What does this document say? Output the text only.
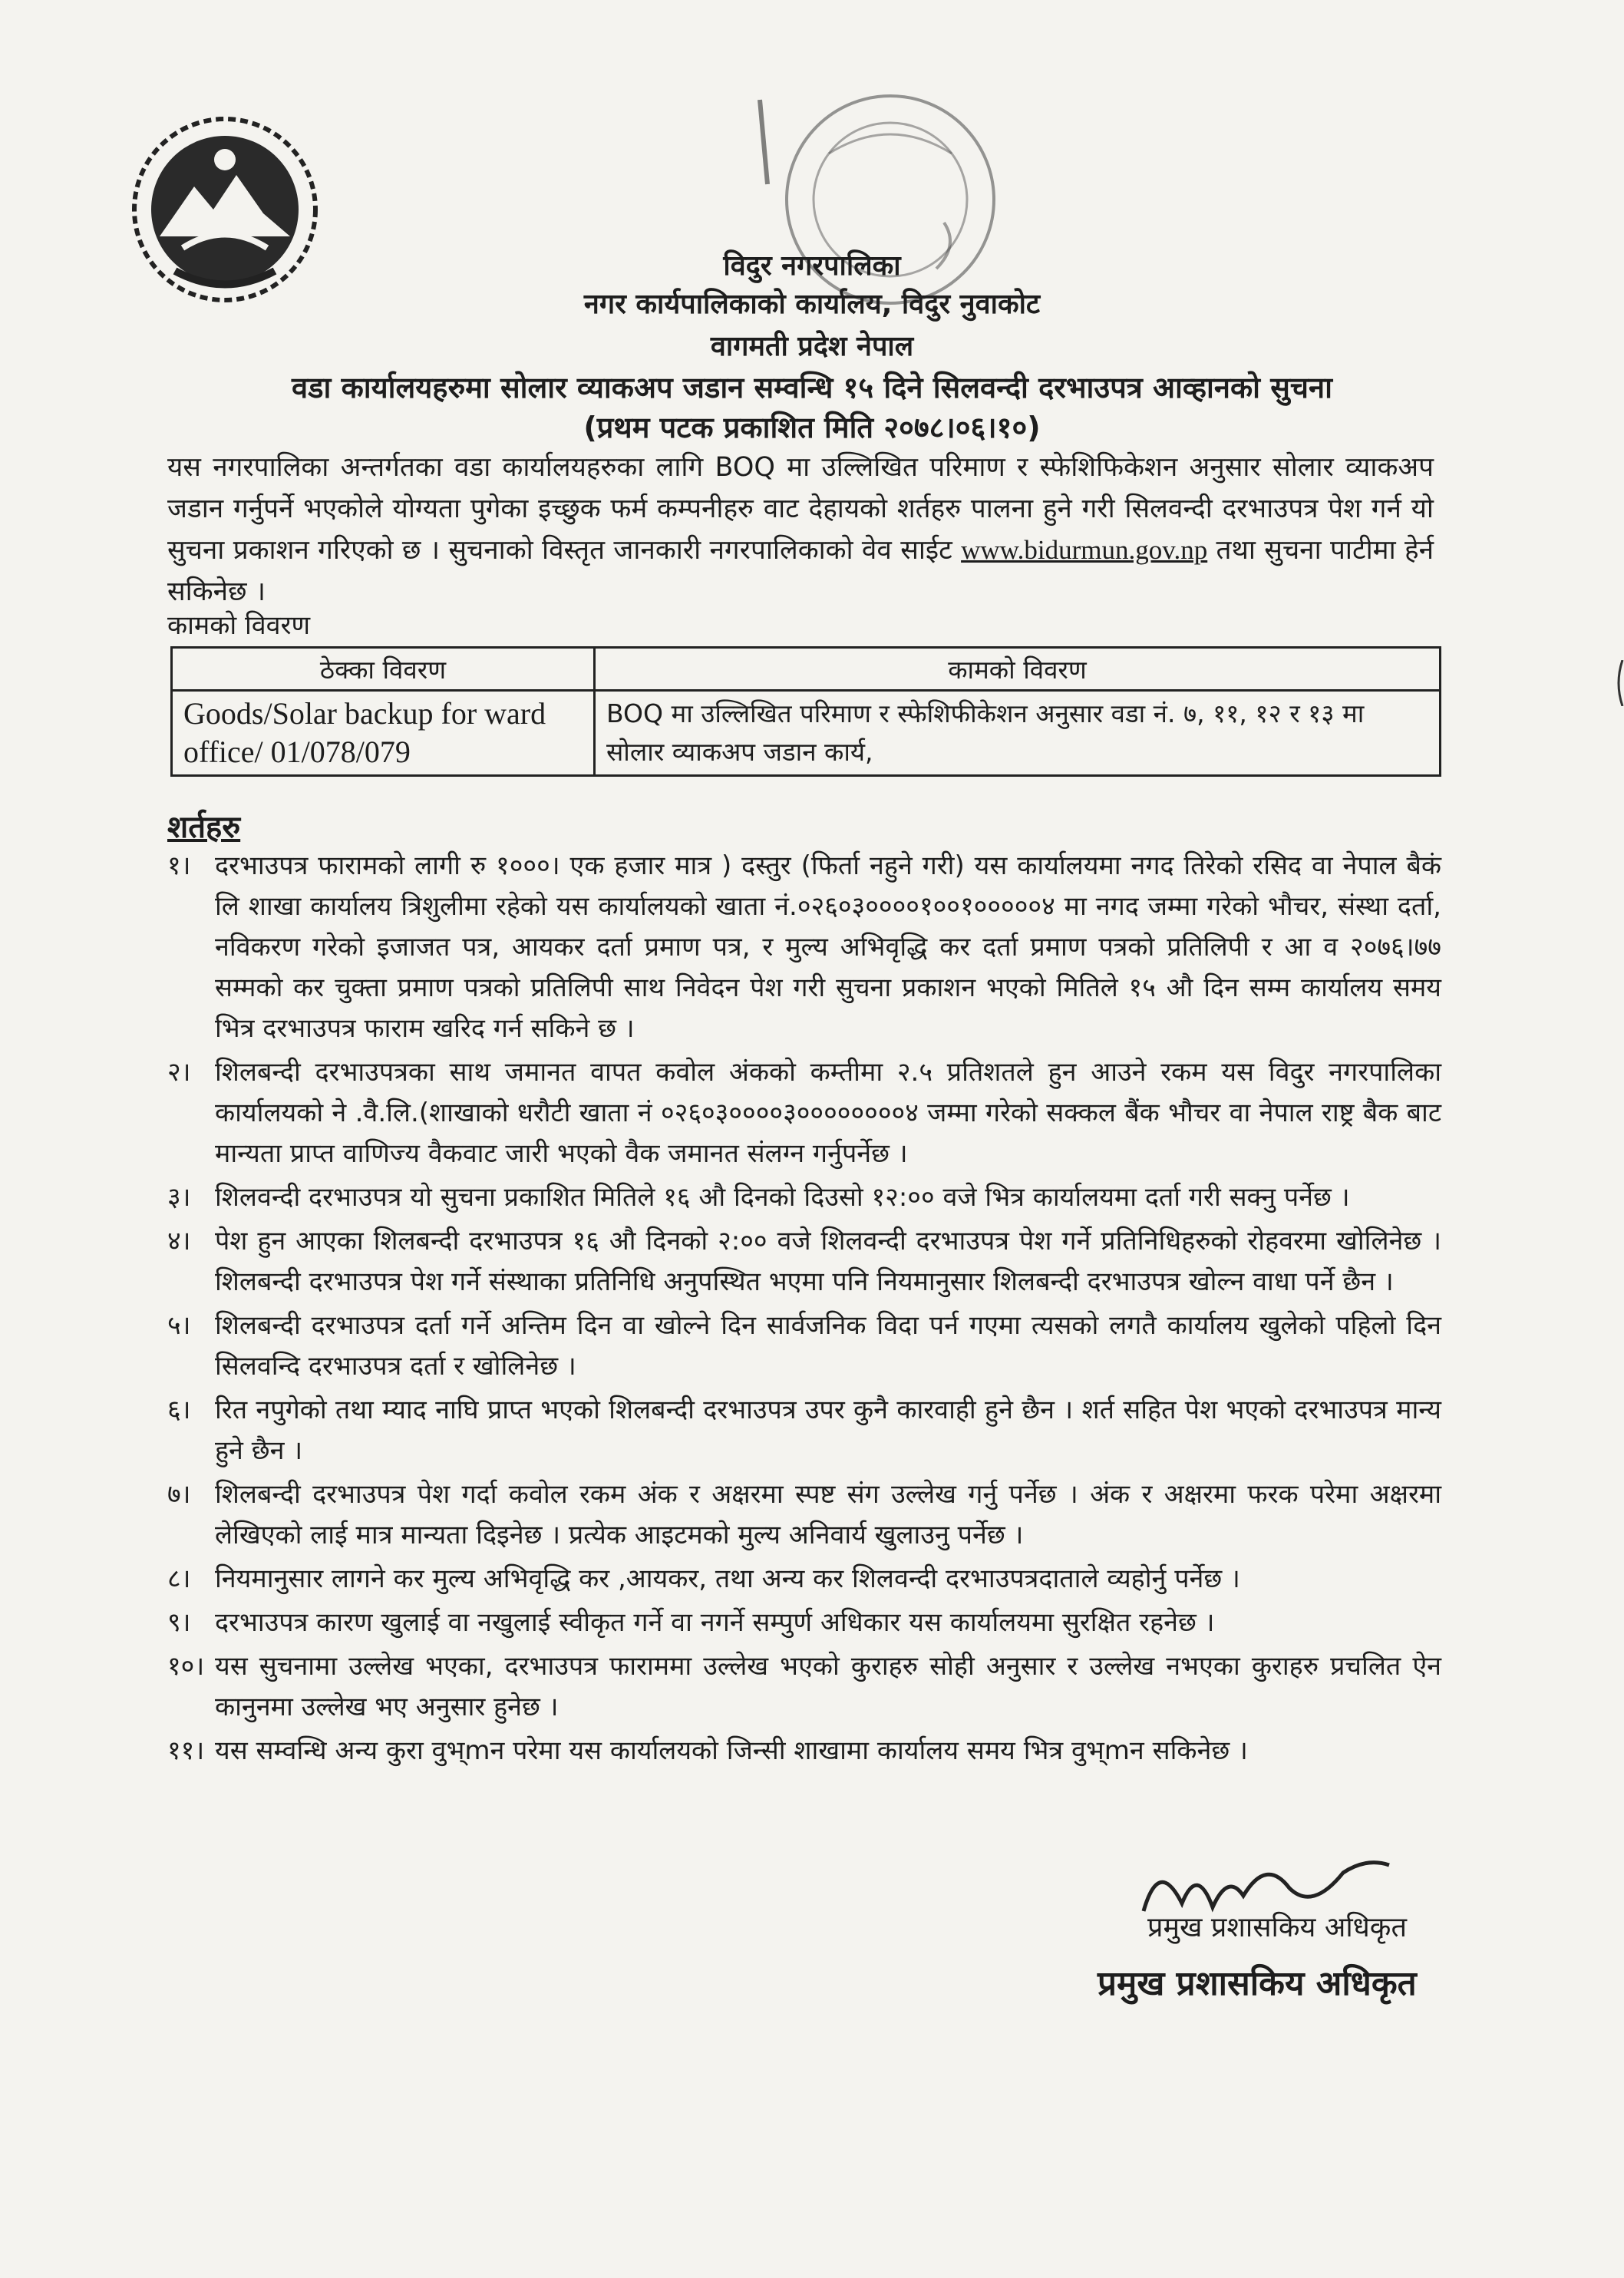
विदुर नगरपालिका
नगर कार्यपालिकाको कार्यालय, विदुर नुवाकोट
वागमती प्रदेश नेपाल
वडा कार्यालयहरुमा सोलार व्याकअप जडान सम्वन्धि १५ दिने सिलवन्दी दरभाउपत्र आव्हानको सुचना
(प्रथम पटक प्रकाशित मिति २०७८।०६।१०)
यस नगरपालिका अन्तर्गतका वडा कार्यालयहरुका लागि BOQ मा उल्लिखित परिमाण र स्फेशिफिकेशन अनुसार सोलार व्याकअप जडान गर्नुपर्ने भएकोले योग्यता पुगेका इच्छुक फर्म कम्पनीहरु वाट देहायको शर्तहरु पालना हुने गरी सिलवन्दी दरभाउपत्र पेश गर्न यो सुचना प्रकाशन गरिएको छ । सुचनाको विस्तृत जानकारी नगरपालिकाको वेव साईट www.bidurmun.gov.np तथा सुचना पाटीमा हेर्न सकिनेछ ।
कामको विवरण
ठेक्का विवरण	कामको विवरण
Goods/Solar backup for ward office/ 01/078/079	BOQ मा उल्लिखित परिमाण र स्फेशिफीकेशन अनुसार वडा नं. ७, ११, १२ र १३ मा सोलार व्याकअप जडान कार्य,
शर्तहरु
१। दरभाउपत्र फारामको लागी रु १०००। एक हजार मात्र ) दस्तुर (फिर्ता नहुने गरी) यस कार्यालयमा नगद तिरेको रसिद वा नेपाल बैकं लि शाखा कार्यालय त्रिशुलीमा रहेको यस कार्यालयको खाता नं.०२६०३००००१००१०००००४ मा नगद जम्मा गरेको भौचर, संस्था दर्ता, नविकरण गरेको इजाजत पत्र, आयकर दर्ता प्रमाण पत्र, र मुल्य अभिवृद्धि कर दर्ता प्रमाण पत्रको प्रतिलिपी र आ व २०७६।७७ सम्मको कर चुक्ता प्रमाण पत्रको प्रतिलिपी साथ निवेदन पेश गरी सुचना प्रकाशन भएको मितिले १५ औ दिन सम्म कार्यालय समय भित्र दरभाउपत्र फाराम खरिद गर्न सकिने छ ।
२। शिलबन्दी दरभाउपत्रका साथ जमानत वापत कवोल अंकको कम्तीमा २.५ प्रतिशतले हुन आउने रकम यस विदुर नगरपालिका कार्यालयको ने .वै.लि.(शाखाको धरौटी खाता नं ०२६०३००००३००००००००४ जम्मा गरेको सक्कल बैंक भौचर वा नेपाल राष्ट्र बैक बाट मान्यता प्राप्त वाणिज्य वैकवाट जारी भएको वैक जमानत संलग्न गर्नुपर्नेछ ।
३। शिलवन्दी दरभाउपत्र यो सुचना प्रकाशित मितिले १६ औ दिनको दिउसो १२:०० वजे भित्र कार्यालयमा दर्ता गरी सक्नु पर्नेछ ।
४। पेश हुन आएका शिलबन्दी दरभाउपत्र १६ औ दिनको २:०० वजे शिलवन्दी दरभाउपत्र पेश गर्ने प्रतिनिधिहरुको रोहवरमा खोलिनेछ । शिलबन्दी दरभाउपत्र पेश गर्ने संस्थाका प्रतिनिधि अनुपस्थित भएमा पनि नियमानुसार शिलबन्दी दरभाउपत्र खोल्न वाधा पर्ने छैन ।
५। शिलबन्दी दरभाउपत्र दर्ता गर्ने अन्तिम दिन वा खोल्ने दिन सार्वजनिक विदा पर्न गएमा त्यसको लगतै कार्यालय खुलेको पहिलो दिन सिलवन्दि दरभाउपत्र दर्ता र खोलिनेछ ।
६। रित नपुगेको तथा म्याद नाघि प्राप्त भएको शिलबन्दी दरभाउपत्र उपर कुनै कारवाही हुने छैन । शर्त सहित पेश भएको दरभाउपत्र मान्य हुने छैन ।
७। शिलबन्दी दरभाउपत्र पेश गर्दा कवोल रकम अंक र अक्षरमा स्पष्ट संग उल्लेख गर्नु पर्नेछ । अंक र अक्षरमा फरक परेमा अक्षरमा लेखिएको लाई मात्र मान्यता दिइनेछ । प्रत्येक आइटमको मुल्य अनिवार्य खुलाउनु पर्नेछ ।
८। नियमानुसार लागने कर मुल्य अभिवृद्धि कर ,आयकर, तथा अन्य कर शिलवन्दी दरभाउपत्रदाताले व्यहोर्नु पर्नेछ ।
९। दरभाउपत्र कारण खुलाई वा नखुलाई स्वीकृत गर्ने वा नगर्ने सम्पुर्ण अधिकार यस कार्यालयमा सुरक्षित रहनेछ ।
१०। यस सुचनामा उल्लेख भएका, दरभाउपत्र फाराममा उल्लेख भएको कुराहरु सोही अनुसार र उल्लेख नभएका कुराहरु प्रचलित ऐन कानुनमा उल्लेख भए अनुसार हुनेछ ।
११। यस सम्वन्धि अन्य कुरा वुभ्mन परेमा यस कार्यालयको जिन्सी शाखामा कार्यालय समय भित्र वुभ्mन सकिनेछ ।
प्रमुख प्रशासकिय अधिकृत
प्रमुख प्रशासकिय अधिकृत
